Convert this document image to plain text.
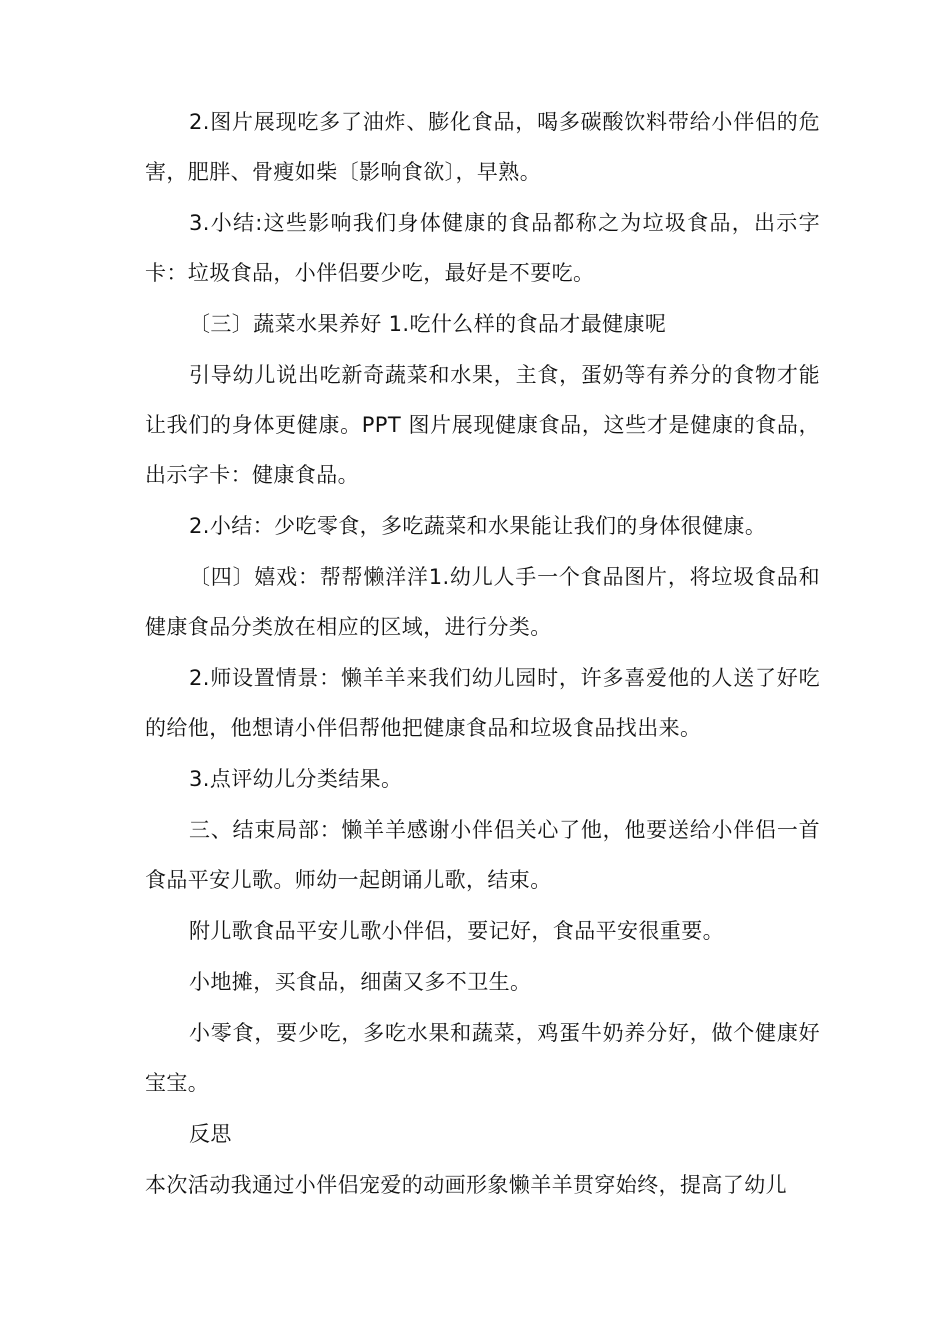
2.图片展现吃多了油炸、膨化食品，喝多碳酸饮料带给小伴侣的危害，肥胖、骨瘦如柴〔影响食欲〕，早熟。

3.小结:这些影响我们身体健康的食品都称之为垃圾食品，出示字卡：垃圾食品，小伴侣要少吃，最好是不要吃。

〔三〕蔬菜水果养好 1.吃什么样的食品才最健康呢

引导幼儿说出吃新奇蔬菜和水果，主食，蛋奶等有养分的食物才能让我们的身体更健康。PPT 图片展现健康食品，这些才是健康的食品，出示字卡：健康食品。

2.小结：少吃零食，多吃蔬菜和水果能让我们的身体很健康。

〔四〕嬉戏：帮帮懒洋洋1.幼儿人手一个食品图片，将垃圾食品和健康食品分类放在相应的区域，进行分类。

2.师设置情景：懒羊羊来我们幼儿园时，许多喜爱他的人送了好吃的给他，他想请小伴侣帮他把健康食品和垃圾食品找出来。

3.点评幼儿分类结果。

三、结束局部：懒羊羊感谢小伴侣关心了他，他要送给小伴侣一首食品平安儿歌。师幼一起朗诵儿歌，结束。

附儿歌食品平安儿歌小伴侣，要记好，食品平安很重要。

小地摊，买食品，细菌又多不卫生。

小零食，要少吃，多吃水果和蔬菜，鸡蛋牛奶养分好，做个健康好宝宝。

反思

本次活动我通过小伴侣宠爱的动画形象懒羊羊贯穿始终，提高了幼儿
